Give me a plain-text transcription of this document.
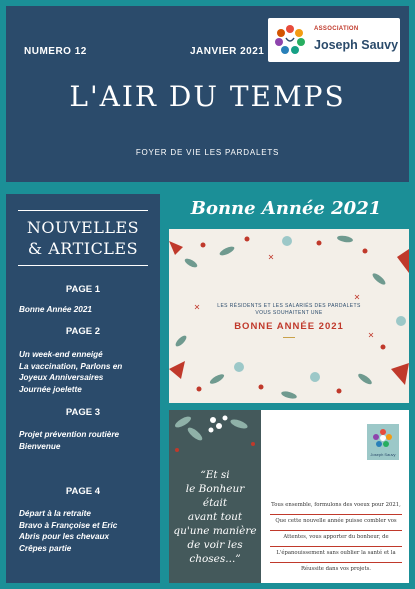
NUMERO 12	JANVIER 2021
ASSOCIATION
Joseph Sauvy
L'AIR DU TEMPS
FOYER DE VIE LES PARDALETS
NOUVELLES
& ARTICLES
PAGE 1
Bonne Année 2021
PAGE 2
Un week-end enneigé
La vaccination, Parlons en
Joyeux Anniversaires
Journée joelette
PAGE 3
Projet prévention routière
Bienvenue
PAGE 4
Départ à la retraite
Bravo à Françoise et Eric
Abris pour les chevaux
Crêpes partie
Bonne Année 2021
LES RÉSIDENTS ET LES SALARIÉS DES PARDALETS
VOUS SOUHAITENT UNE
BONNE ANNÉE 2021
“Et si
le Bonheur
était
avant tout
qu'une manière
de voir les
choses...”
Joseph Sauvy
Tous ensemble, formulons des voeux pour 2021,
Que cette nouvelle année puisse combler vos
Attentes, vous apporter du bonheur, de
L'épanouissement sans oublier la santé et la
Réussite dans vos projets.
